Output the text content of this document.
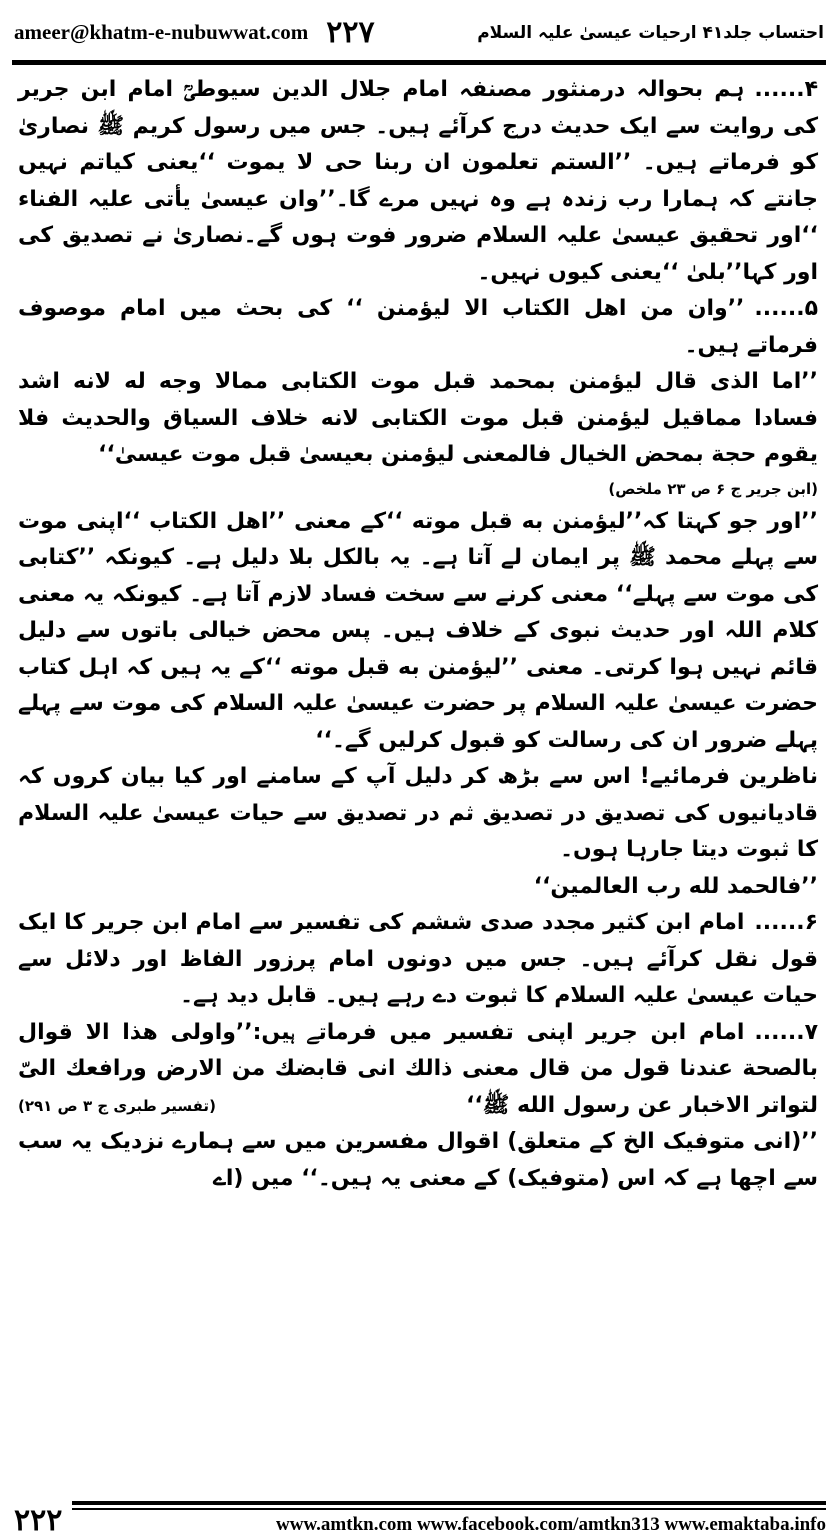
ameer@khatm-e-nubuwwat.com ۲۲۷	احتساب جلد۴۱ ارحیات عیسیٰ علیہ السلام

۴......ہم بحوالہ درمنثور مصنفہ امام جلال الدین سیوطیؒ امام ابن جریر کی روایت سے ایک حدیث درج کرآئے ہیں۔ جس میں رسول کریم ﷺ نصاریٰ کو فرماتے ہیں۔ ’’الستم تعلمون ان ربنا حی لا یموت ‘‘یعنی کیاتم نہیں جانتے کہ ہمارا رب زندہ ہے وہ نہیں مرے گا۔’’وان عیسیٰ یأتی علیہ الفناء ‘‘اور تحقیق عیسیٰ علیہ السلام ضرور فوت ہوں گے۔نصاریٰ نے تصدیق کی اور کہا’’بلیٰ ‘‘یعنی کیوں نہیں۔

۵......’’وان من اهل الكتاب الا ليؤمنن ‘‘ کی بحث میں امام موصوف فرماتے ہیں۔

’’اما الذی قال ليؤمنن بمحمد قبل موت الكتابی ممالا وجه له لانه اشد فسادا مماقيل ليؤمنن قبل موت الكتابی لانه خلاف السياق والحديث فلا يقوم حجة بمحض الخيال فالمعنى ليؤمنن بعيسىٰ قبل موت عيسىٰ‘‘

(ابن جریر ج ۶ ص ۲۳ ملخص)

’’اور جو کہتا کہ’’ليؤمنن به قبل موته ‘‘کے معنی ’’اهل الكتاب ‘‘اپنی موت سے پہلے محمد ﷺ پر ایمان لے آتا ہے۔ یہ بالکل بلا دلیل ہے۔ کیونکہ ’’کتابی کی موت سے پہلے‘‘ معنی کرنے سے سخت فساد لازم آتا ہے۔ کیونکہ یہ معنی کلام اللہ اور حدیث نبوی کے خلاف ہیں۔ پس محض خیالی باتوں سے دلیل قائم نہیں ہوا کرتی۔ معنی ’’ليؤمنن به قبل موته ‘‘کے یہ ہیں کہ اہل کتاب حضرت عیسیٰ علیہ السلام پر حضرت عیسیٰ علیہ السلام کی موت سے پہلے پہلے ضرور ان کی رسالت کو قبول کرلیں گے۔‘‘

ناظرین فرمائیے! اس سے بڑھ کر دلیل آپ کے سامنے اور کیا بیان کروں کہ قادیانیوں کی تصدیق در تصدیق ثم در تصدیق سے حیات عیسیٰ علیہ السلام کا ثبوت دیتا جارہا ہوں۔

’’فالحمد لله رب العالمين‘‘

۶......امام ابن کثیر مجدد صدی ششم کی تفسیر سے امام ابن جریر کا ایک قول نقل کرآئے ہیں۔ جس میں دونوں امام پرزور الفاظ اور دلائل سے حیات عیسیٰ علیہ السلام کا ثبوت دے رہے ہیں۔ قابل دید ہے۔

۷......امام ابن جریر اپنی تفسیر میں فرماتے ہیں:’’واولى هذا الا قوال بالصحة عندنا قول من قال معنى ذالك انى قابضك من الارض ورافعك الىّ لتواتر الاخبار عن رسول الله ﷺ‘‘
(تفسیر طبری ج ۳ ص ۲۹۱)

’’(انی متوفیک الخ کے متعلق) اقوال مفسرین میں سے ہمارے نزدیک یہ سب سے اچھا ہے کہ اس (متوفیک) کے معنی یہ ہیں۔‘‘ میں (اے

۲۲۲	www.amtkn.com www.facebook.com/amtkn313 www.emaktaba.info
